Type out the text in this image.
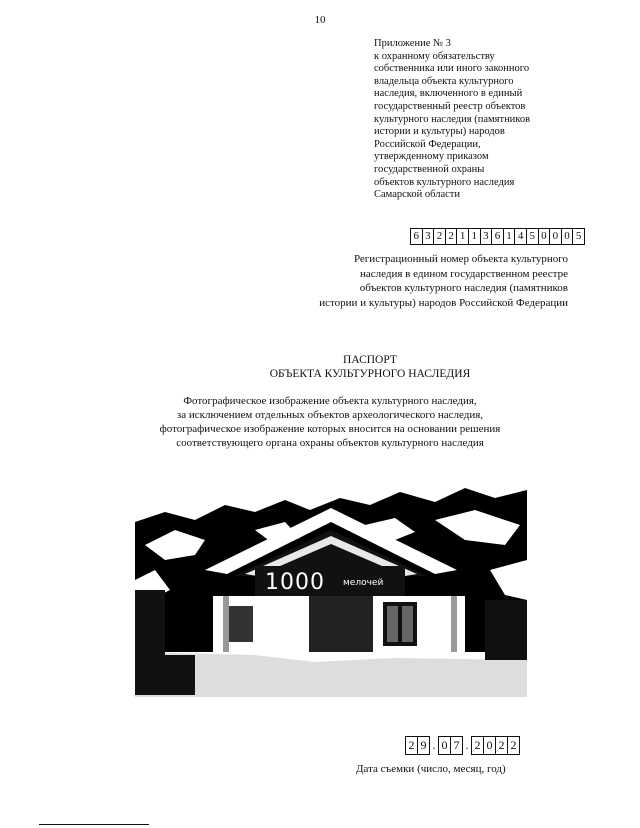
10
Приложение № 3
к охранному обязательству
собственника или иного законного
владельца объекта культурного
наследия, включенного в единый
государственный реестр объектов
культурного наследия (памятников
истории и культуры) народов
Российской Федерации,
утвержденному приказом
государственной охраны
объектов культурного наследия
Самарской области
6 3 2 2 1 1 3 6 1 4 5 0 0 0 5
Регистрационный номер объекта культурного
наследия в едином государственном реестре
объектов культурного наследия (памятников
истории и культуры) народов Российской Федерации
ПАСПОРТ
ОБЪЕКТА КУЛЬТУРНОГО НАСЛЕДИЯ
Фотографическое изображение объекта культурного наследия,
за исключением отдельных объектов археологического наследия,
фотографическое изображение которых вносится на основании решения
соответствующего органа охраны объектов культурного наследия
1000 мелочей
2 9 . 0 7 . 2 0 2 2
Дата съемки (число, месяц, год)
